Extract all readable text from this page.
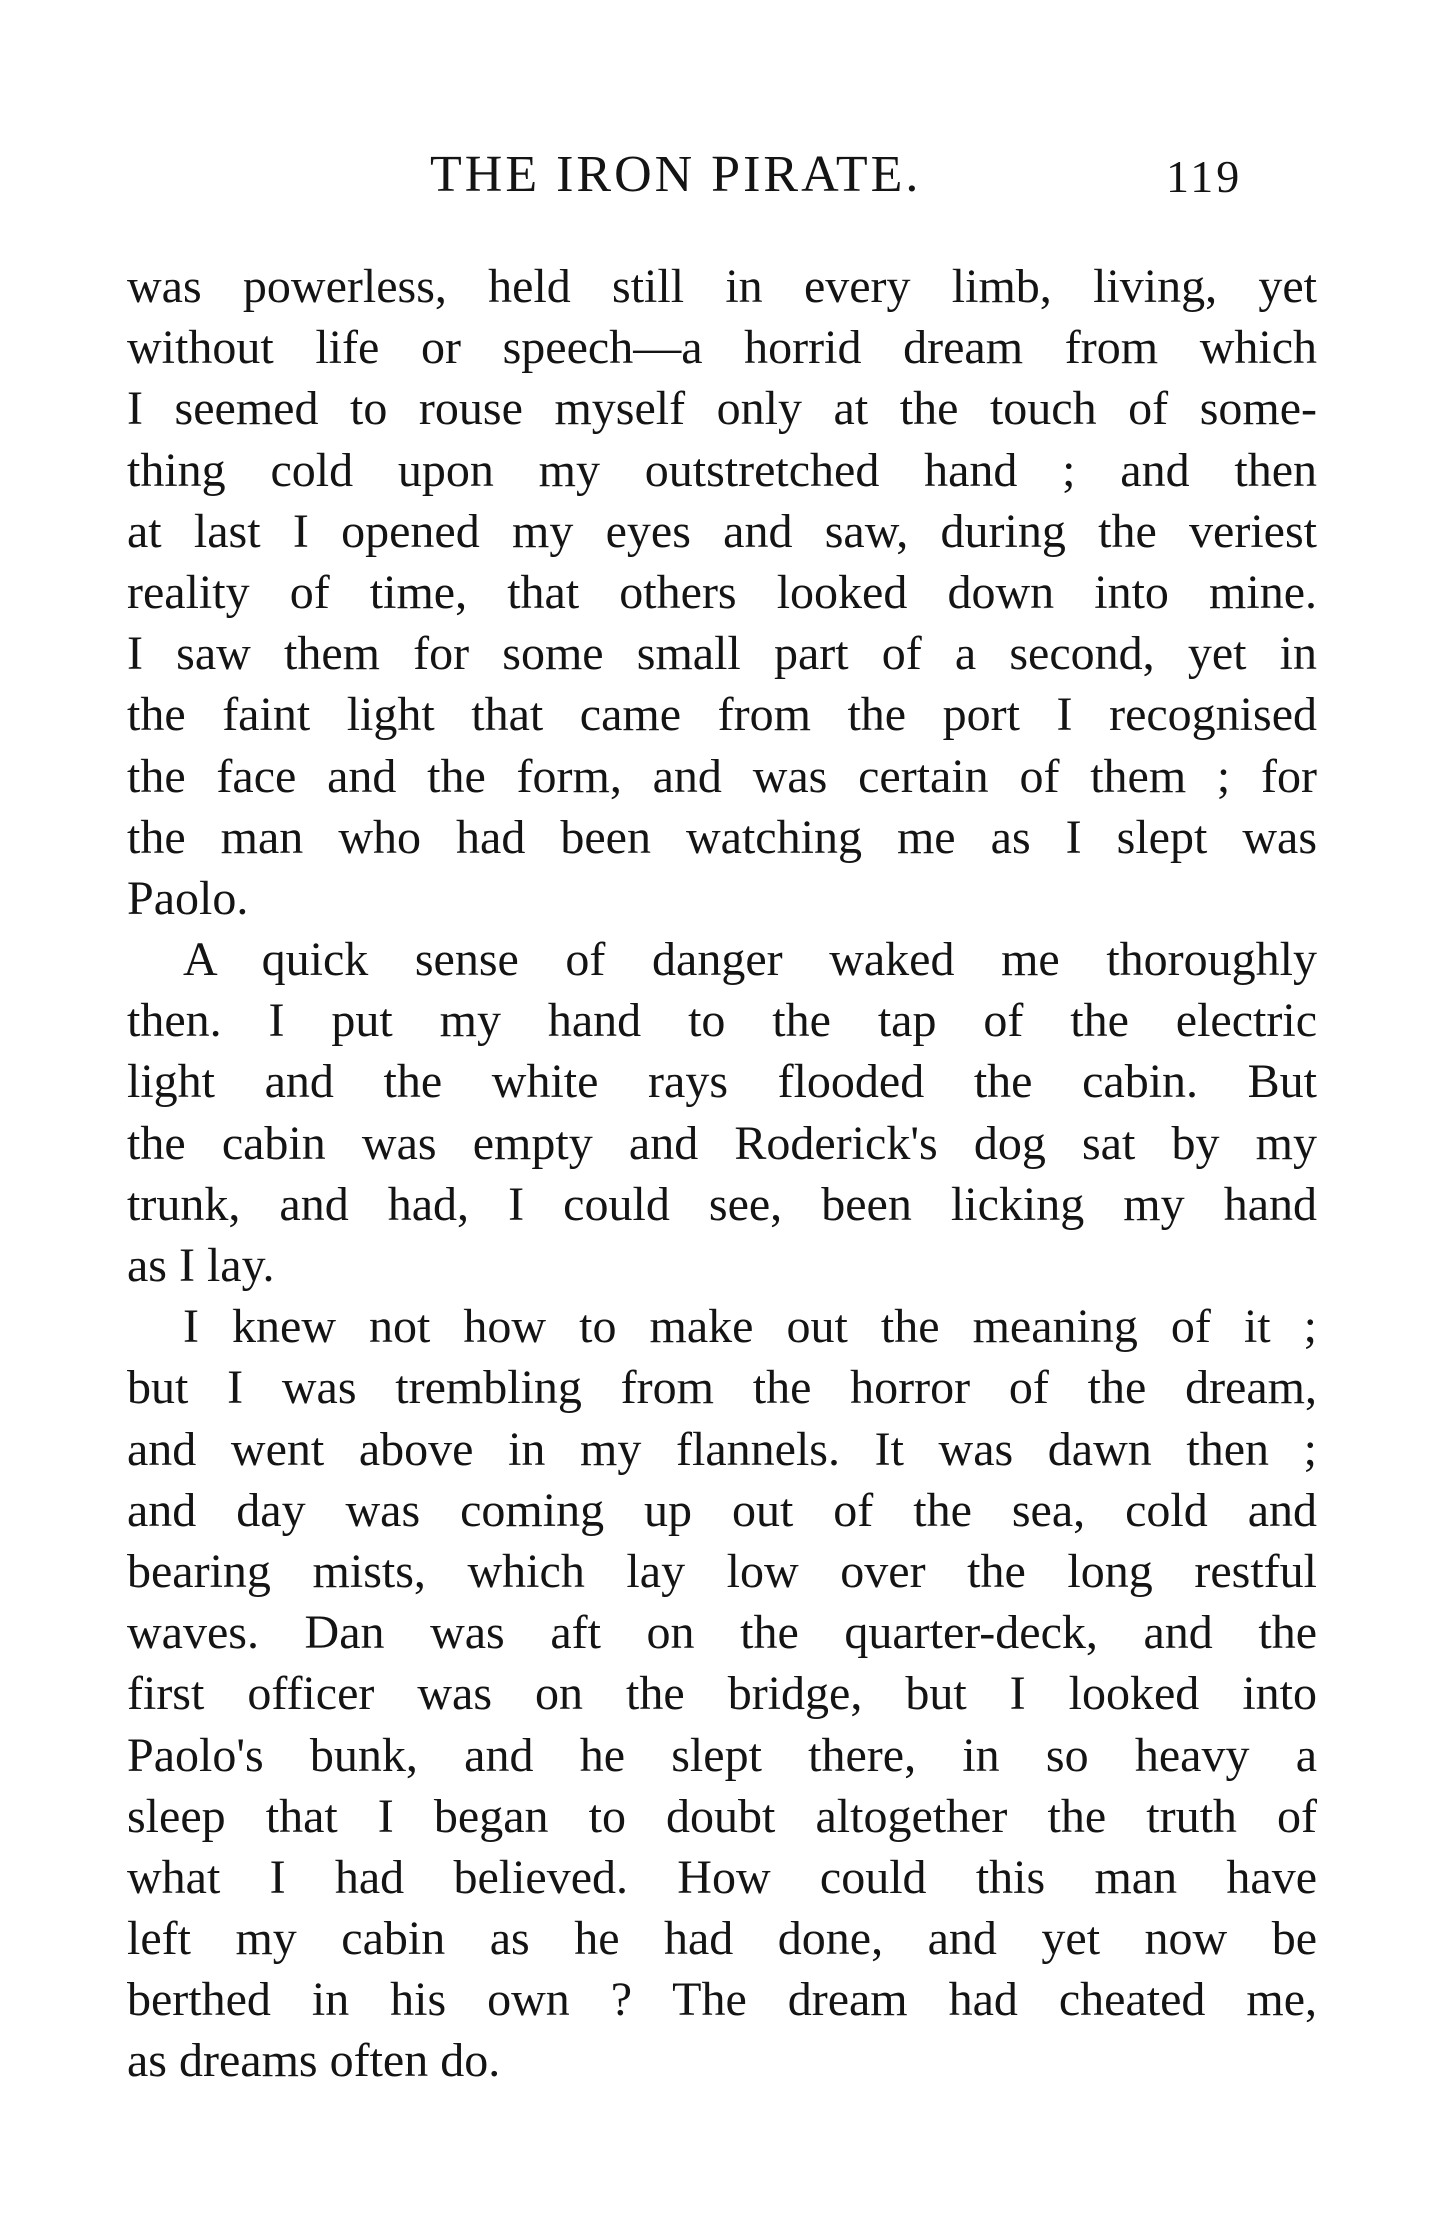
THE IRON PIRATE.	119
was powerless, held still in every limb, living, yet
without life or speech—a horrid dream from which
I seemed to rouse myself only at the touch of some-
thing cold upon my outstretched hand ; and then
at last I opened my eyes and saw, during the veriest
reality of time, that others looked down into mine.
I saw them for some small part of a second, yet in
the faint light that came from the port I recognised
the face and the form, and was certain of them ; for
the man who had been watching me as I slept was
Paolo.
A quick sense of danger waked me thoroughly
then. I put my hand to the tap of the electric
light and the white rays flooded the cabin. But
the cabin was empty and Roderick's dog sat by my
trunk, and had, I could see, been licking my hand
as I lay.
I knew not how to make out the meaning of it ;
but I was trembling from the horror of the dream,
and went above in my flannels. It was dawn then ;
and day was coming up out of the sea, cold and
bearing mists, which lay low over the long restful
waves. Dan was aft on the quarter-deck, and the
first officer was on the bridge, but I looked into
Paolo's bunk, and he slept there, in so heavy a
sleep that I began to doubt altogether the truth of
what I had believed. How could this man have
left my cabin as he had done, and yet now be
berthed in his own ? The dream had cheated me,
as dreams often do.
